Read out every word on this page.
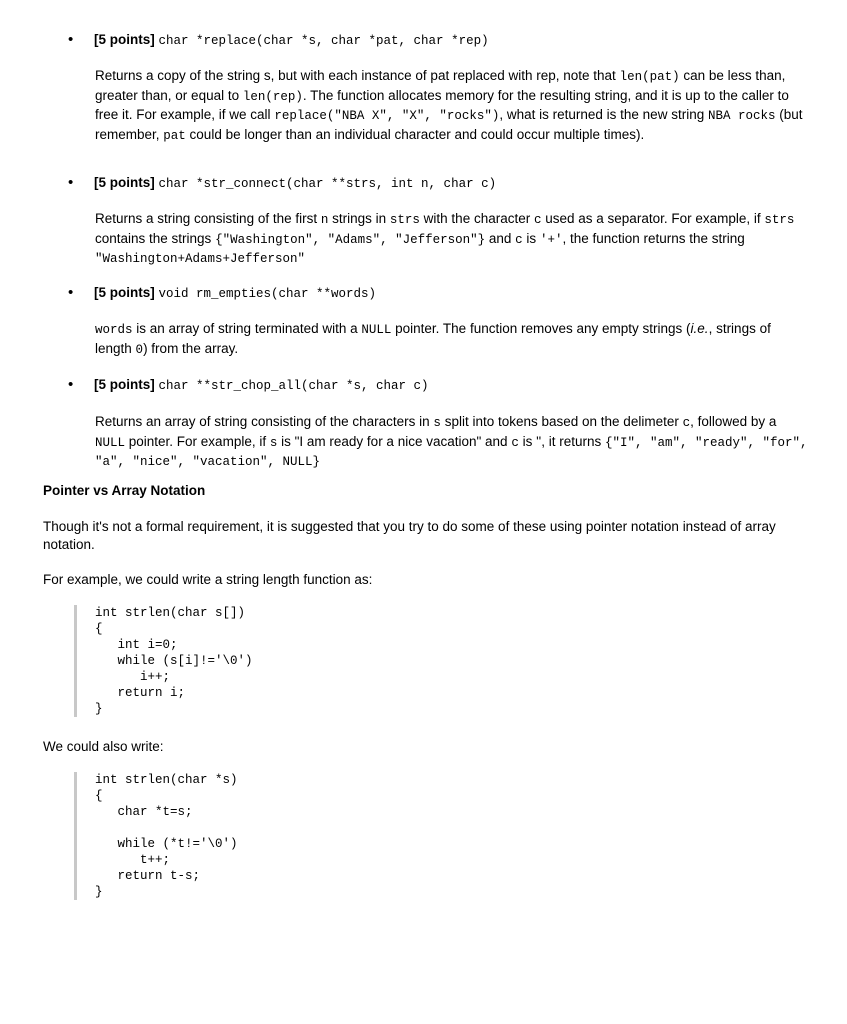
• [5 points] char *replace(char *s, char *pat, char *rep)
Returns a copy of the string s, but with each instance of pat replaced with rep, note that len(pat) can be less than, greater than, or equal to len(rep). The function allocates memory for the resulting string, and it is up to the caller to free it. For example, if we call replace("NBA X", "X", "rocks"), what is returned is the new string NBA rocks (but remember, pat could be longer than an individual character and could occur multiple times).
• [5 points] char *str_connect(char **strs, int n, char c)
Returns a string consisting of the first n strings in strs with the character c used as a separator. For example, if strs contains the strings {"Washington", "Adams", "Jefferson"} and c is '+', the function returns the string "Washington+Adams+Jefferson"
• [5 points] void rm_empties(char **words)
words is an array of string terminated with a NULL pointer. The function removes any empty strings (i.e., strings of length 0) from the array.
• [5 points] char **str_chop_all(char *s, char c)
Returns an array of string consisting of the characters in s split into tokens based on the delimeter c, followed by a NULL pointer. For example, if s is "I am ready for a nice vacation" and c is '', it returns {"I", "am", "ready", "for", "a", "nice", "vacation", NULL}
Pointer vs Array Notation
Though it's not a formal requirement, it is suggested that you try to do some of these using pointer notation instead of array notation.
For example, we could write a string length function as:
int strlen(char s[])
{
int i=0;
while (s[i]!='\0')
i++;
return i;
}
We could also write:
int strlen(char *s)
{
char *t=s;

while (*t!='\0')
t++;
return t-s;
}
